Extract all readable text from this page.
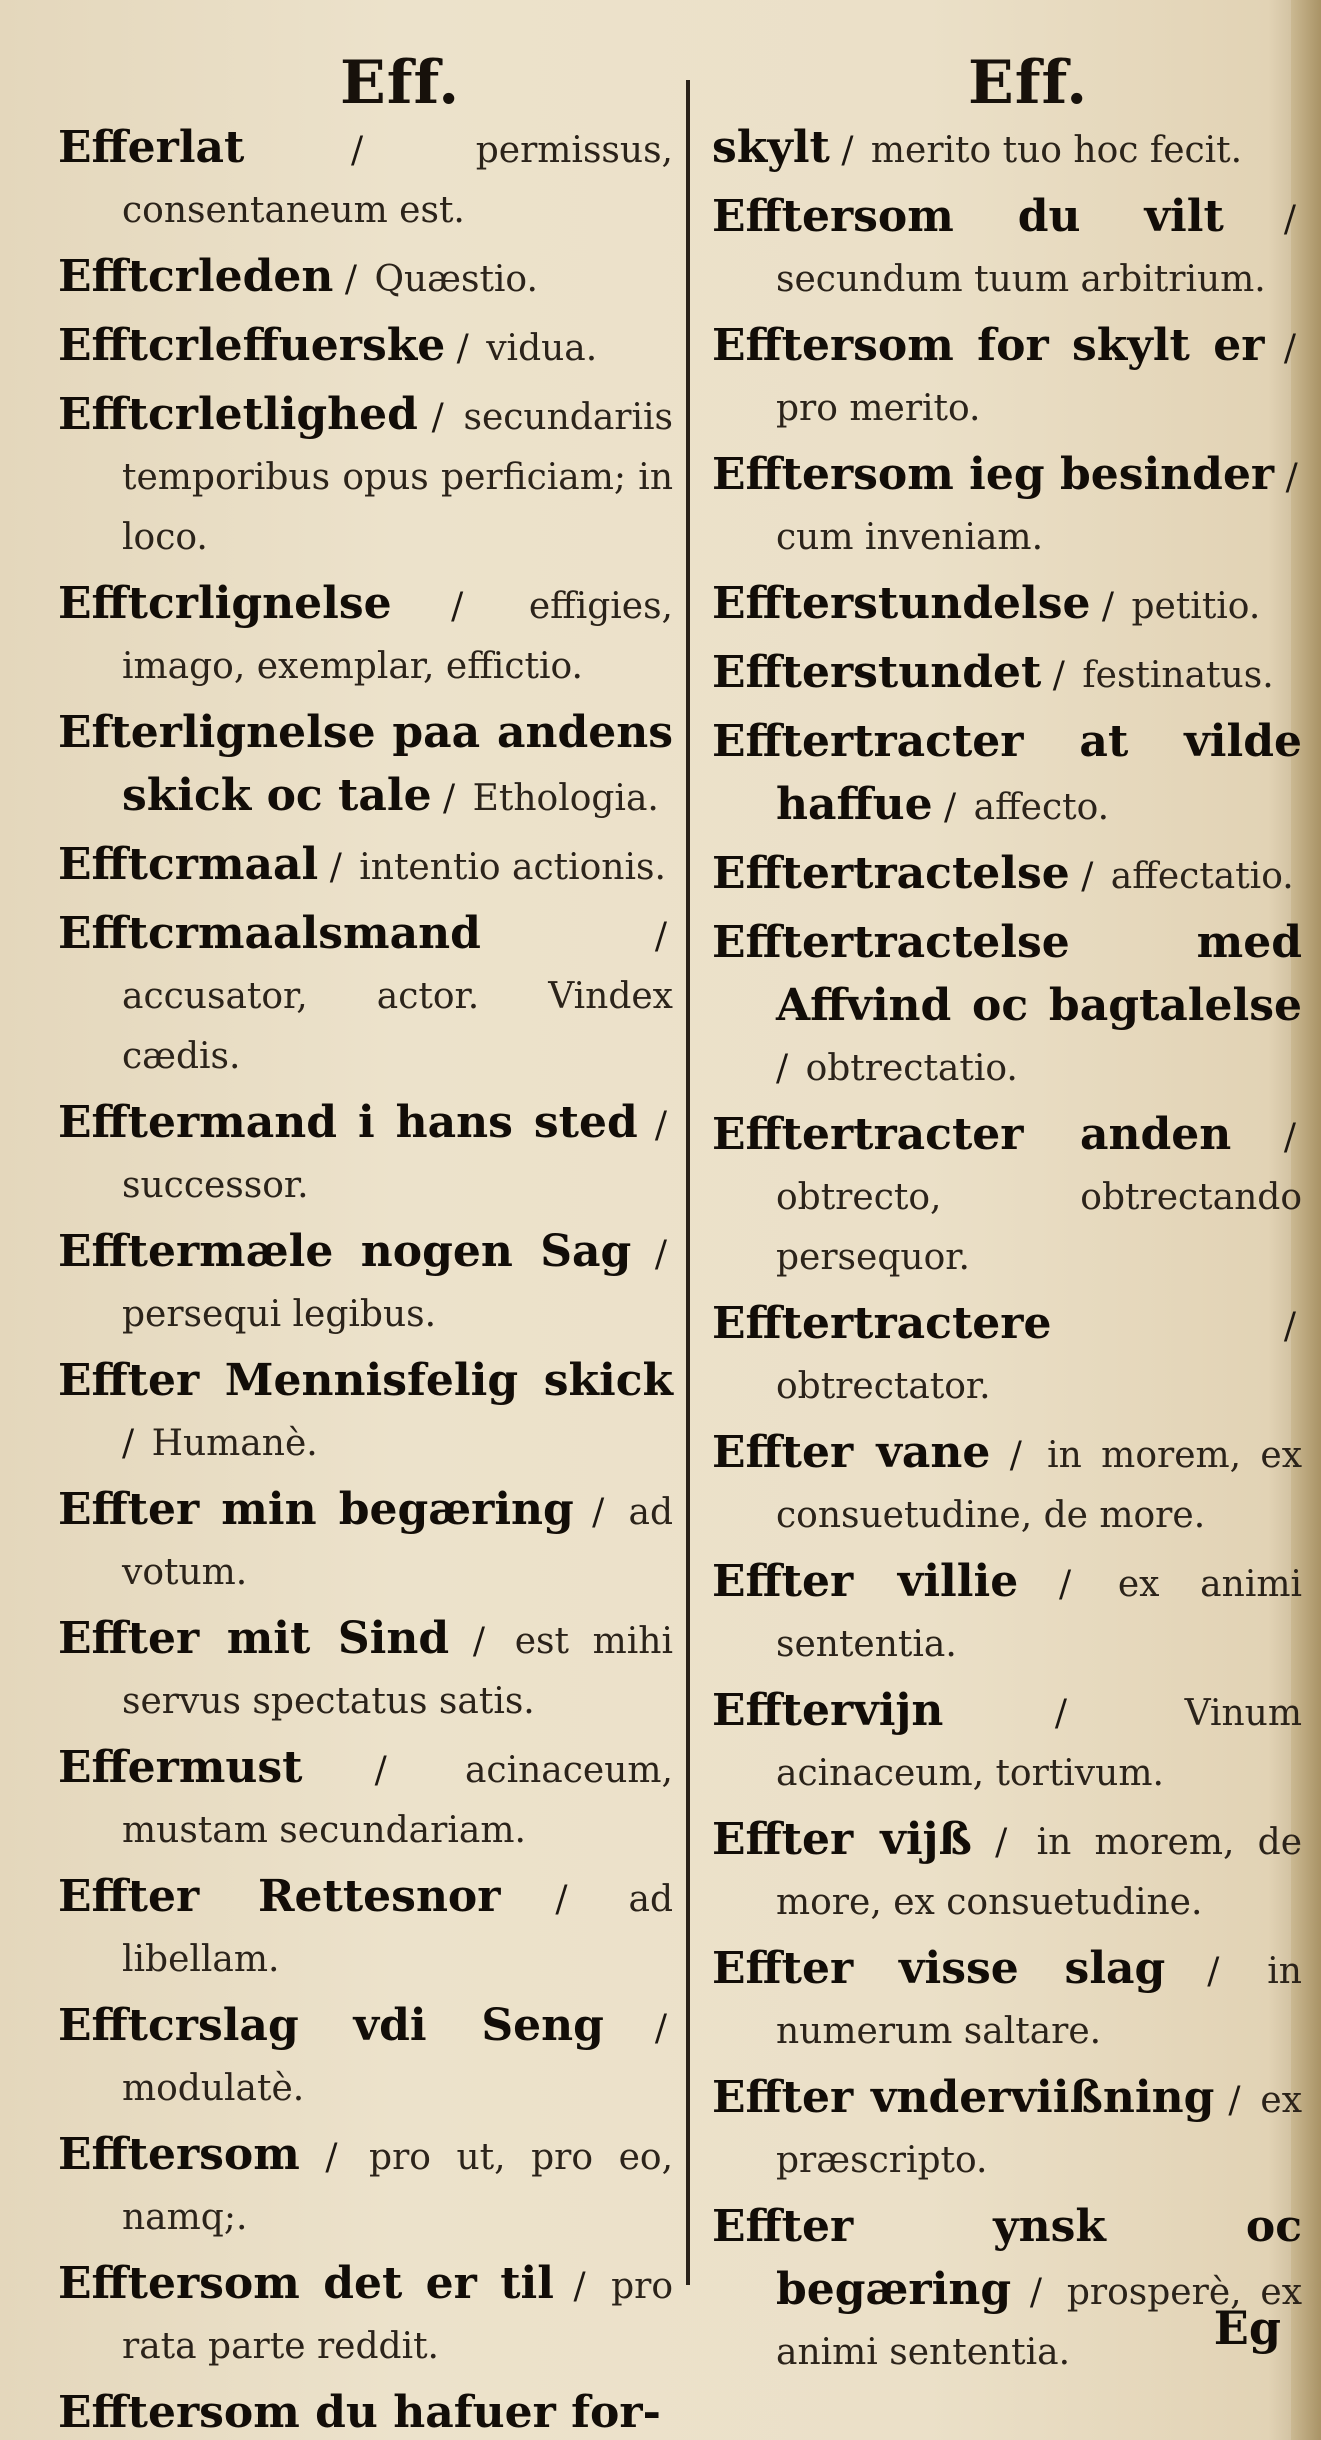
Eff.	Eff.

Efferlat / permissus, consentaneum est.

Efftcrleden / Quæstio.

Efftcrleffuerske / vidua.

Efftcrletlighed / secundariis temporibus opus perficiam; in loco.

Efftcrlignelse / effigies, imago, exemplar, effictio.

Efterlignelse paa andens skick oc tale / Ethologia.

Efftcrmaal / intentio actionis.

Efftcrmaalsmand / accusator, actor. Vindex cædis.

Efftermand i hans sted / successor.

Efftermæle nogen Sag / persequi legibus.

Effter Mennisfelig skick / Humanè.

Effter min begæring / ad votum.

Effter mit Sind / est mihi servus spectatus satis.

Effermust / acinaceum, mustam secundariam.

Effter Rettesnor / ad libellam.

Efftcrslag vdi Seng / modulatè.

Efftersom / pro ut, pro eo, namq;.

Efftersom det er til / pro rata parte reddit.

Efftersom du hafuer for-

skylt / merito tuo hoc fecit.

Efftersom du vilt / secundum tuum arbitrium.

Efftersom for skylt er / pro merito.

Efftersom ieg besinder / cum inveniam.

Effterstundelse / petitio.

Effterstundet / festinatus.

Efftertracter at vilde haffue / affecto.

Efftertractelse / affectatio.

Efftertractelse med Affvind oc bagtalelse / obtrectatio.

Efftertracter anden / obtrecto, obtrectando persequor.

Efftertractere / obtrectator.

Effter vane / in morem, ex consuetudine, de more.

Effter villie / ex animi sententia.

Efftervijn / Vinum acinaceum, tortivum.

Effter vijß / in morem, de more, ex consuetudine.

Effter visse slag / in numerum saltare.

Effter vnderviißning / ex præscripto.

Effter ynsk oc begæring / prosperè, ex animi sententia.	Eg
